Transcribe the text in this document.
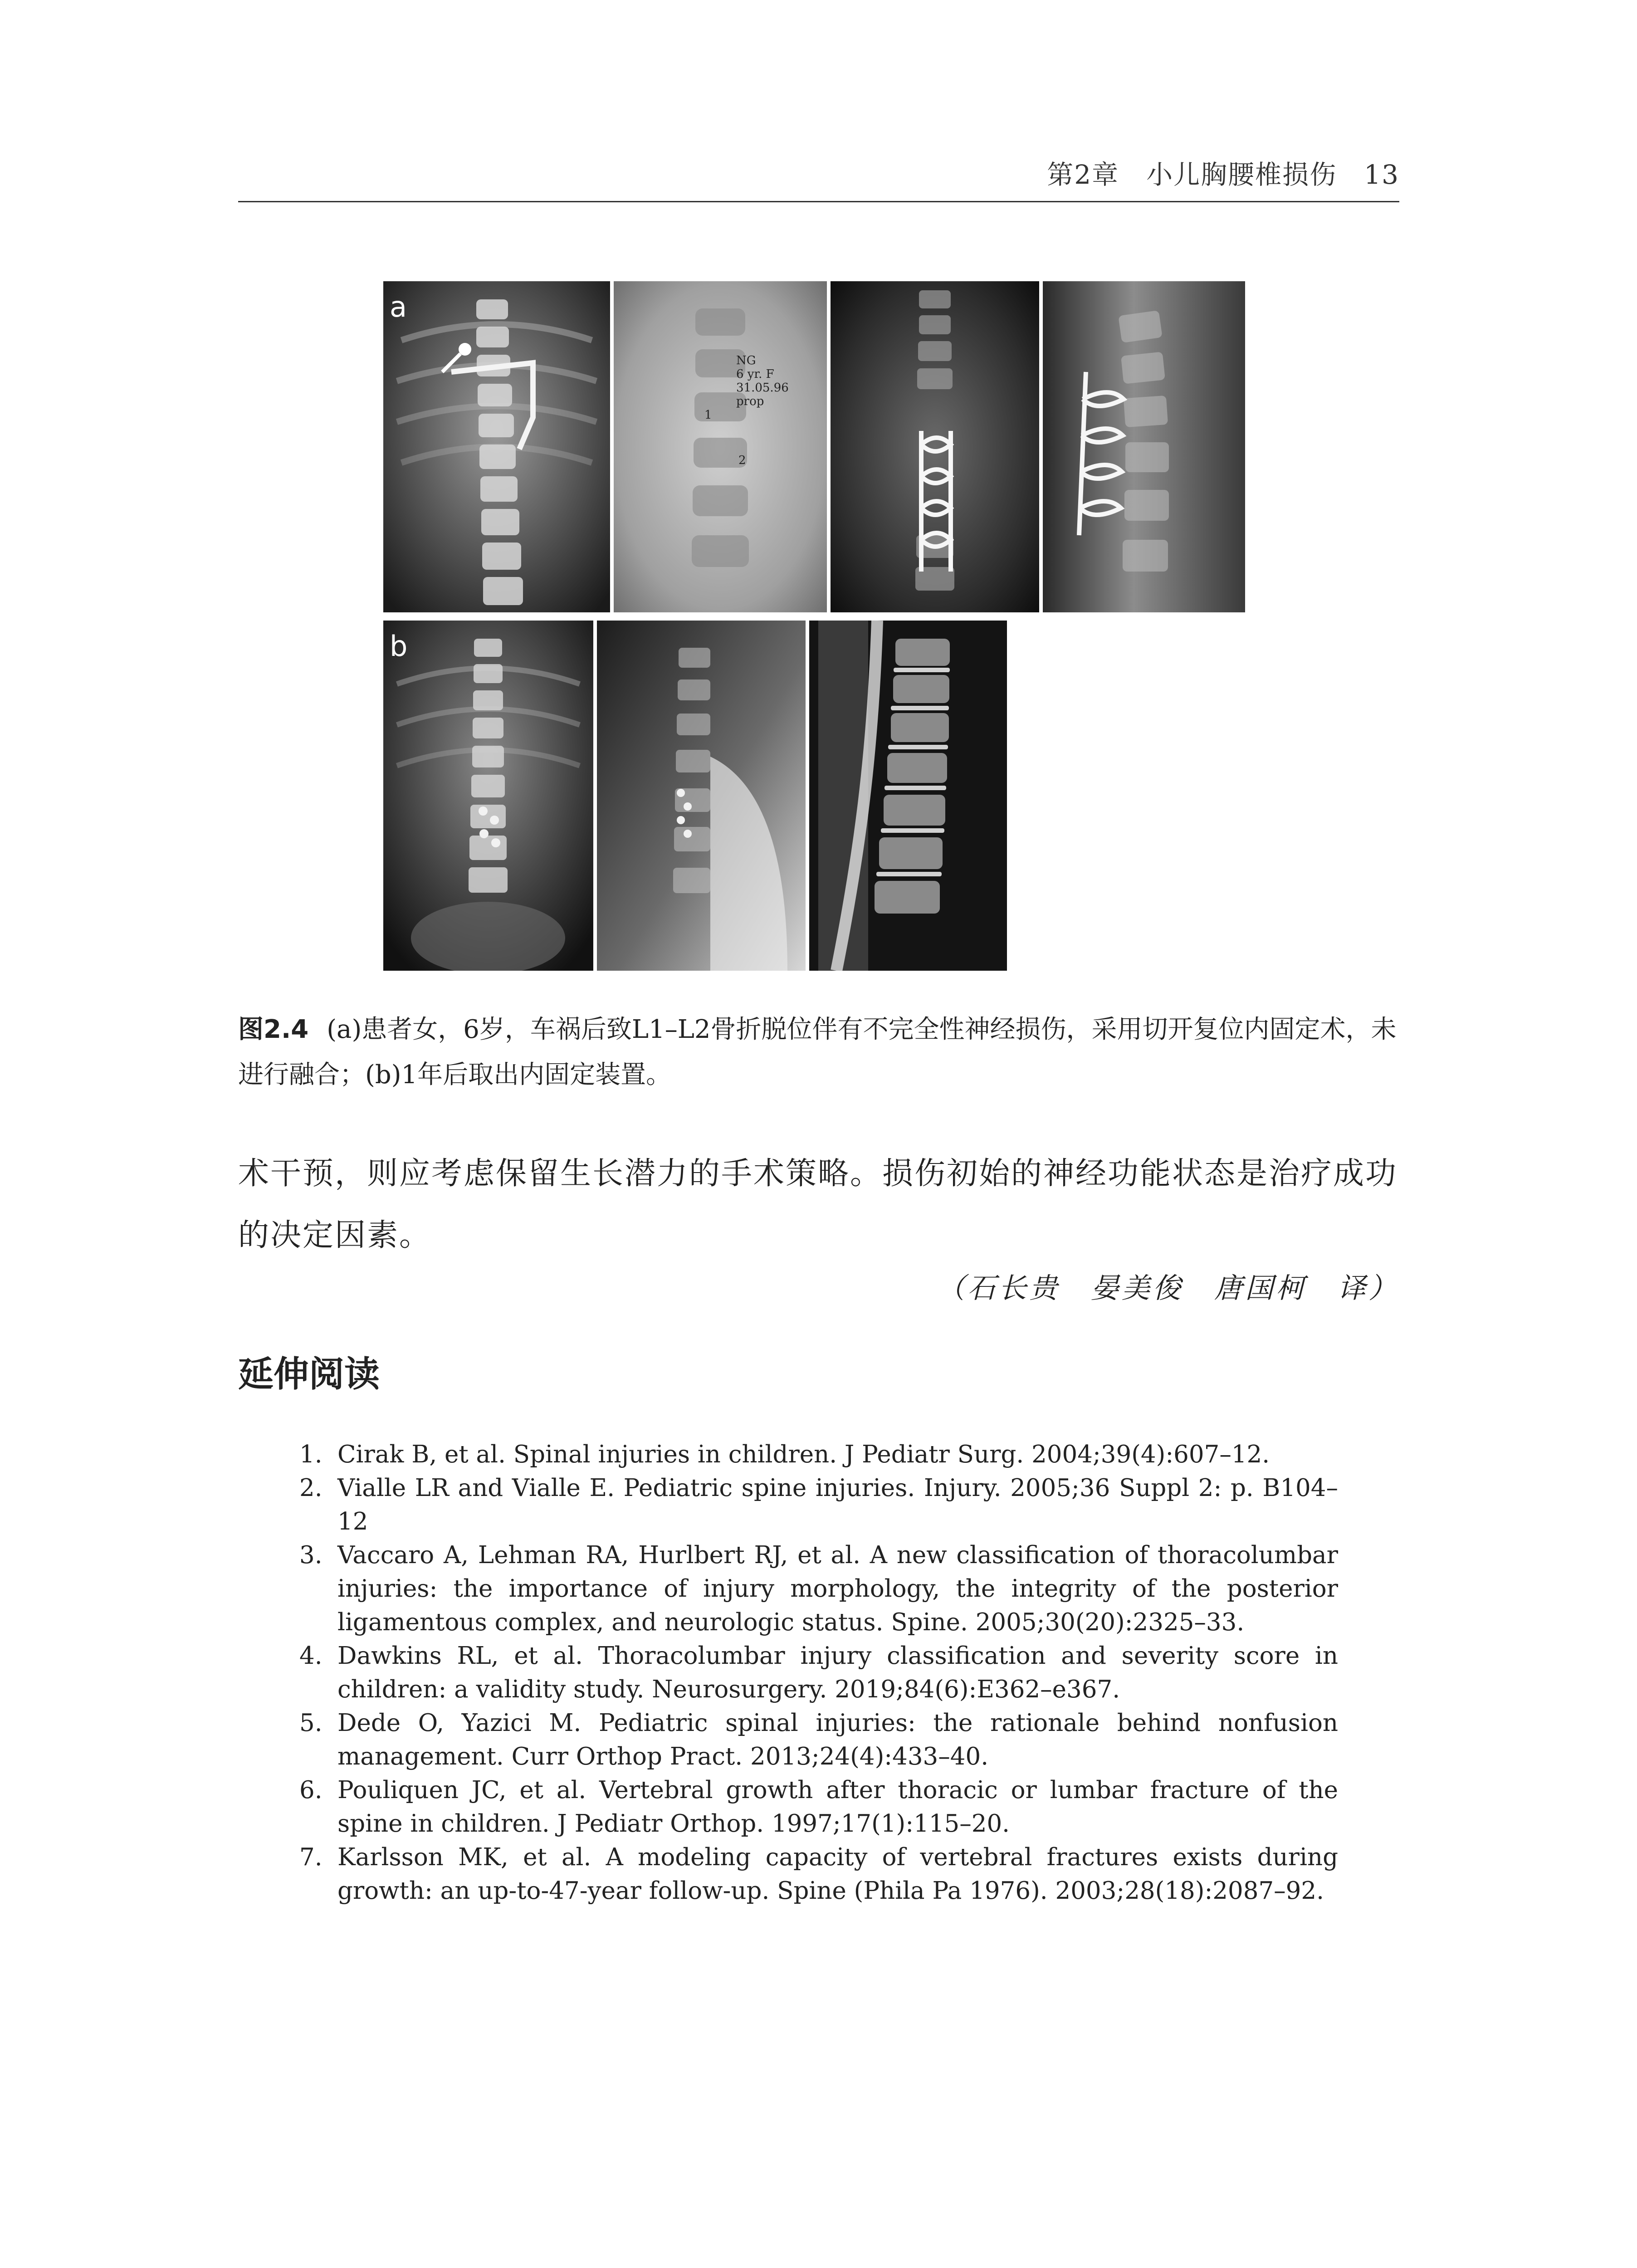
第2章　小儿胸腰椎损伤　13
a
NG
6 yr. F
31.05.96
prop
1
2
b
图2.4 (a)患者女，6岁，车祸后致L1–L2骨折脱位伴有不完全性神经损伤，采用切开复位内固定术，未进行融合；(b)1年后取出内固定装置。

术干预，则应考虑保留生长潜力的手术策略。损伤初始的神经功能状态是治疗成功的决定因素。

（石长贵　晏美俊　唐国柯　译）
延伸阅读
1. Cirak B, et al. Spinal injuries in children. J Pediatr Surg. 2004;39(4):607–12.
2. Vialle LR and Vialle E. Pediatric spine injuries. Injury. 2005;36 Suppl 2: p. B104–12
3. Vaccaro A, Lehman RA, Hurlbert RJ, et al. A new classification of thoracolumbar injuries: the importance of injury morphology, the integrity of the posterior ligamentous complex, and neurologic status. Spine. 2005;30(20):2325–33.
4. Dawkins RL, et al. Thoracolumbar injury classification and severity score in children: a validity study. Neurosurgery. 2019;84(6):E362–e367.
5. Dede O, Yazici M. Pediatric spinal injuries: the rationale behind nonfusion management. Curr Orthop Pract. 2013;24(4):433–40.
6. Pouliquen JC, et al. Vertebral growth after thoracic or lumbar fracture of the spine in children. J Pediatr Orthop. 1997;17(1):115–20.
7. Karlsson MK, et al. A modeling capacity of vertebral fractures exists during growth: an up-to-47-year follow-up. Spine (Phila Pa 1976). 2003;28(18):2087–92.
